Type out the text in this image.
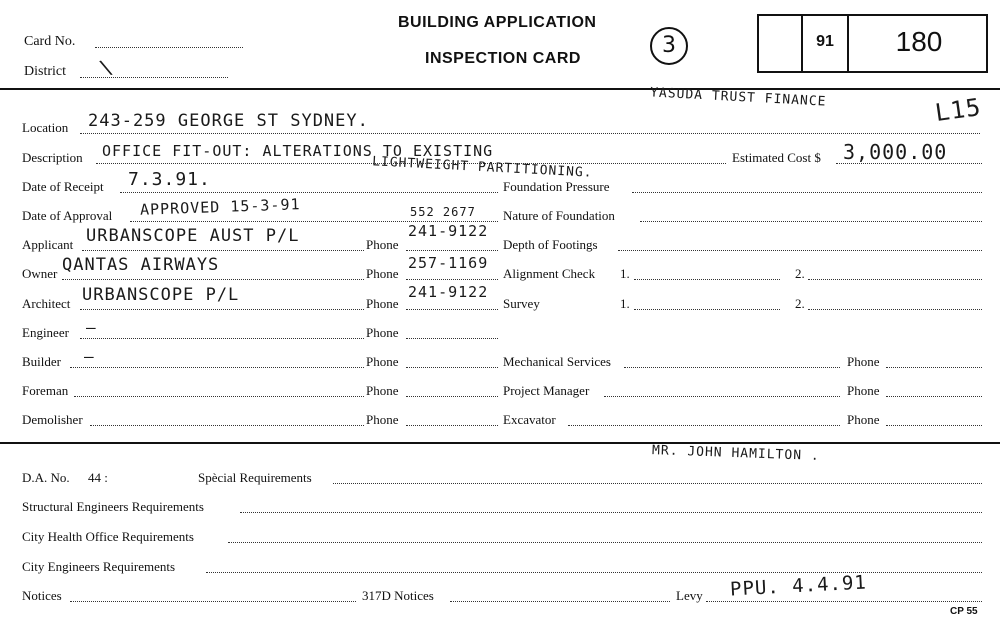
Card No.
District \
BUILDING APPLICATION
INSPECTION CARD
3	91	180
YASUDA TRUST FINANCE	L15
Location 243-259 GEORGE ST SYDNEY.
Description OFFICE FIT-OUT: ALTERATIONS TO EXISTING
LIGHTWEIGHT PARTITIONING.	Estimated Cost $ 3,000.00
Date of Receipt 7.3.91.
Date of Approval APPROVED 15-3-91	552 2677
Applicant URBANSCOPE AUST P/L	Phone
241-9122
Owner QANTAS AIRWAYS	Phone
257-1169
Architect URBANSCOPE P/L	Phone
241-9122
Engineer —	Phone
Builder —	Phone
Foreman	Phone
Demolisher	Phone
Foundation Pressure
Nature of Foundation
Depth of Footings
Alignment Check 1.	2.
Survey	1.	2.
Mechanical Services	Phone
Project Manager	Phone
Excavator	Phone
MR. JOHN HAMILTON .
D.A. No. 44 :	Spècial Requirements
Structural Engineers Requirements
City Health Office Requirements
City Engineers Requirements
Notices	317D Notices	Levy PPU. 4.4.91
CP 55
